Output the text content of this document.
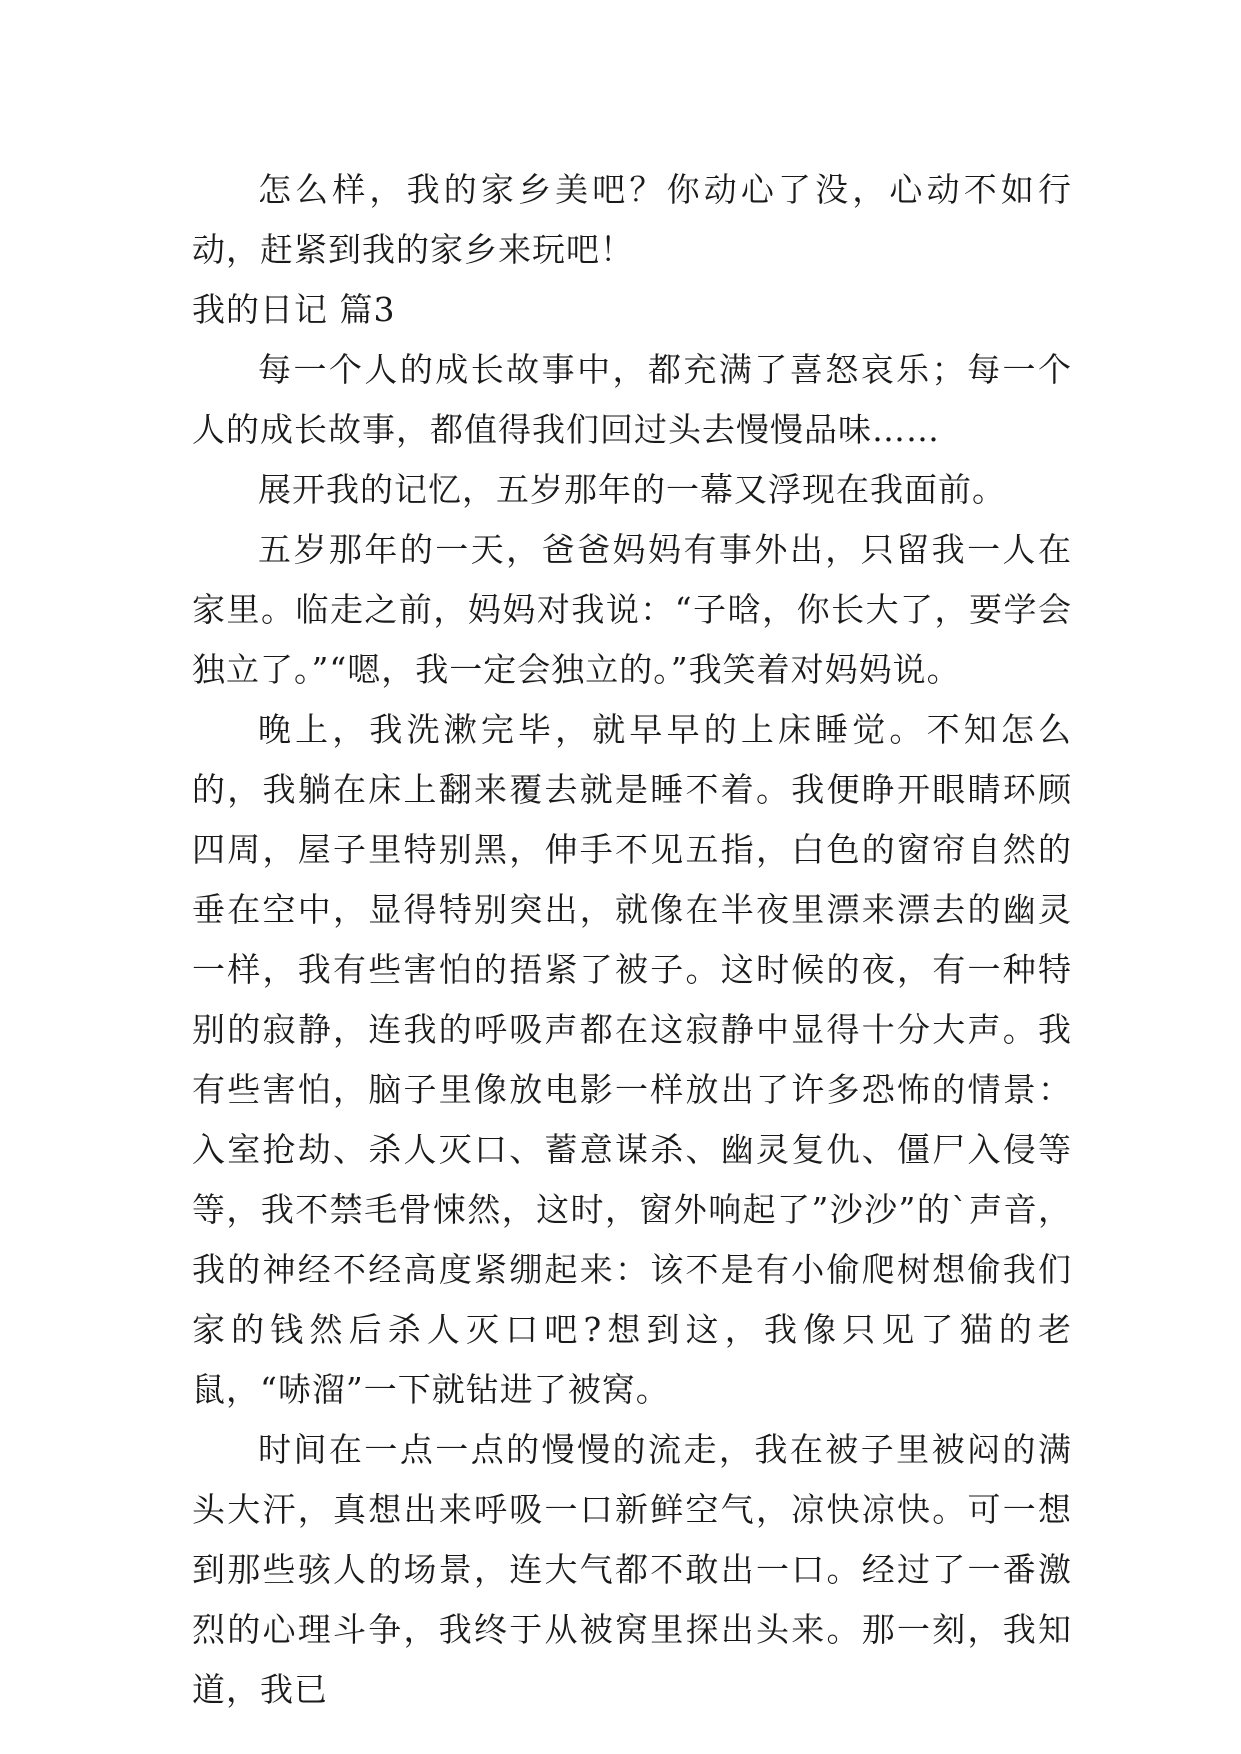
怎么样，我的家乡美吧？你动心了没，心动不如行动，赶紧到我的家乡来玩吧！

我的日记 篇3

每一个人的成长故事中，都充满了喜怒哀乐；每一个人的成长故事，都值得我们回过头去慢慢品味……

展开我的记忆，五岁那年的一幕又浮现在我面前。

五岁那年的一天，爸爸妈妈有事外出，只留我一人在家里。临走之前，妈妈对我说：“子晗，你长大了，要学会独立了。”“嗯，我一定会独立的。”我笑着对妈妈说。

晚上，我洗漱完毕，就早早的上床睡觉。不知怎么的，我躺在床上翻来覆去就是睡不着。我便睁开眼睛环顾四周，屋子里特别黑，伸手不见五指，白色的窗帘自然的垂在空中，显得特别突出，就像在半夜里漂来漂去的幽灵一样，我有些害怕的捂紧了被子。这时候的夜，有一种特别的寂静，连我的呼吸声都在这寂静中显得十分大声。我有些害怕，脑子里像放电影一样放出了许多恐怖的情景：入室抢劫、杀人灭口、蓄意谋杀、幽灵复仇、僵尸入侵等等，我不禁毛骨悚然，这时，窗外响起了”沙沙”的`声音，我的神经不经高度紧绷起来：该不是有小偷爬树想偷我们家的钱然后杀人灭口吧?想到这，我像只见了猫的老鼠，“哧溜”一下就钻进了被窝。

时间在一点一点的慢慢的流走，我在被子里被闷的满头大汗，真想出来呼吸一口新鲜空气，凉快凉快。可一想到那些骇人的场景，连大气都不敢出一口。经过了一番激烈的心理斗争，我终于从被窝里探出头来。那一刻，我知道，我已
